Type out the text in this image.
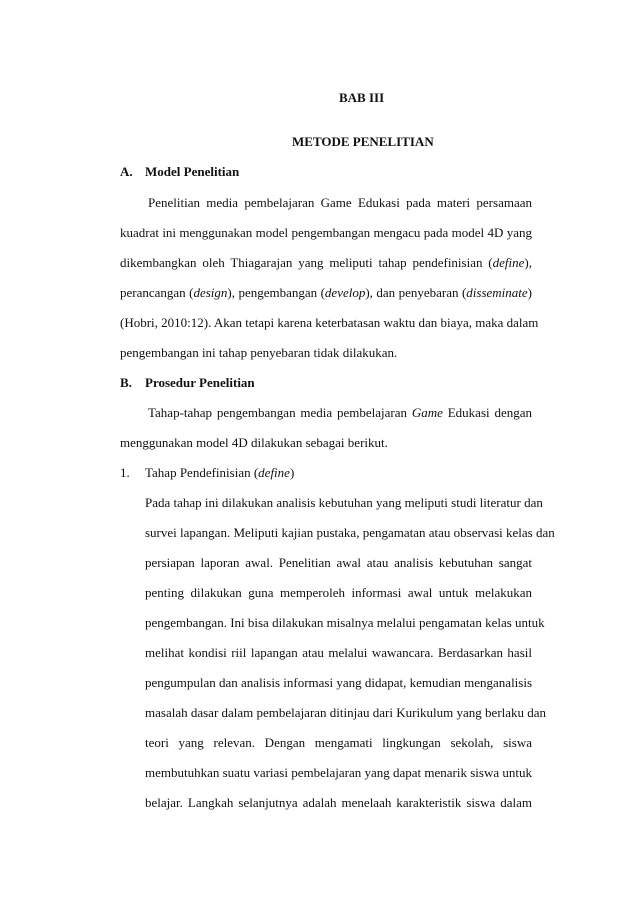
BAB III
METODE PENELITIAN
A. Model Penelitian
Penelitian media pembelajaran Game Edukasi pada materi persamaan
kuadrat ini menggunakan model pengembangan mengacu pada model 4D yang
dikembangkan oleh Thiagarajan yang meliputi tahap pendefinisian (define),
perancangan (design), pengembangan (develop), dan penyebaran (disseminate)
(Hobri, 2010:12). Akan tetapi karena keterbatasan waktu dan biaya, maka dalam
pengembangan ini tahap penyebaran tidak dilakukan.
B. Prosedur Penelitian
Tahap-tahap pengembangan media pembelajaran Game Edukasi dengan
menggunakan model 4D dilakukan sebagai berikut.
1. Tahap Pendefinisian (define)
Pada tahap ini dilakukan analisis kebutuhan yang meliputi studi literatur dan
survei lapangan. Meliputi kajian pustaka, pengamatan atau observasi kelas dan
persiapan laporan awal. Penelitian awal atau analisis kebutuhan sangat
penting dilakukan guna memperoleh informasi awal untuk melakukan
pengembangan. Ini bisa dilakukan misalnya melalui pengamatan kelas untuk
melihat kondisi riil lapangan atau melalui wawancara. Berdasarkan hasil
pengumpulan dan analisis informasi yang didapat, kemudian menganalisis
masalah dasar dalam pembelajaran ditinjau dari Kurikulum yang berlaku dan
teori yang relevan. Dengan mengamati lingkungan sekolah, siswa
membutuhkan suatu variasi pembelajaran yang dapat menarik siswa untuk
belajar. Langkah selanjutnya adalah menelaah karakteristik siswa dalam
